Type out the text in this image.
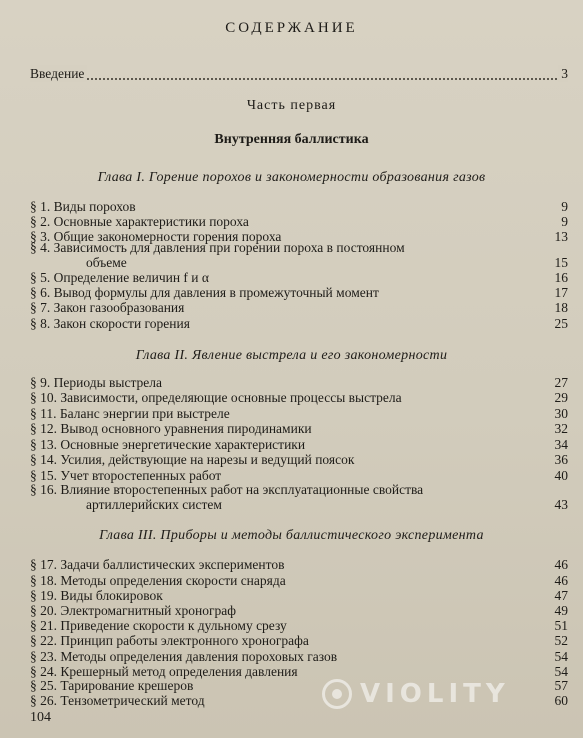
СОДЕРЖАНИЕ
Введение	3
Часть первая
Внутренняя баллистика
Глава I. Горение порохов и закономерности образования газов
§ 1. Виды порохов	9
§ 2. Основные характеристики пороха	9
§ 3. Общие закономерности горения пороха	13
§ 4. Зависимость для давления при горении пороха в постоянном
объеме	15
§ 5. Определение величин f и α	16
§ 6. Вывод формулы для давления в промежуточный момент	17
§ 7. Закон газообразования	18
§ 8. Закон скорости горения	25
Глава II. Явление выстрела и его закономерности
§ 9. Периоды выстрела	27
§ 10. Зависимости, определяющие основные процессы выстрела	29
§ 11. Баланс энергии при выстреле	30
§ 12. Вывод основного уравнения пиродинамики	32
§ 13. Основные энергетические характеристики	34
§ 14. Усилия, действующие на нарезы и ведущий поясок	36
§ 15. Учет второстепенных работ	40
§ 16. Влияние второстепенных работ на эксплуатационные свойства
артиллерийских систем	43
Глава III. Приборы и методы баллистического эксперимента
§ 17. Задачи баллистических экспериментов	46
§ 18. Методы определения скорости снаряда	46
§ 19. Виды блокировок	47
§ 20. Электромагнитный хронограф	49
§ 21. Приведение скорости к дульному срезу	51
§ 22. Принцип работы электронного хронографа	52
§ 23. Методы определения давления пороховых газов	54
§ 24. Крешерный метод определения давления	54
§ 25. Тарирование крешеров	57
§ 26. Тензометрический метод	60
104
VIOLITY
